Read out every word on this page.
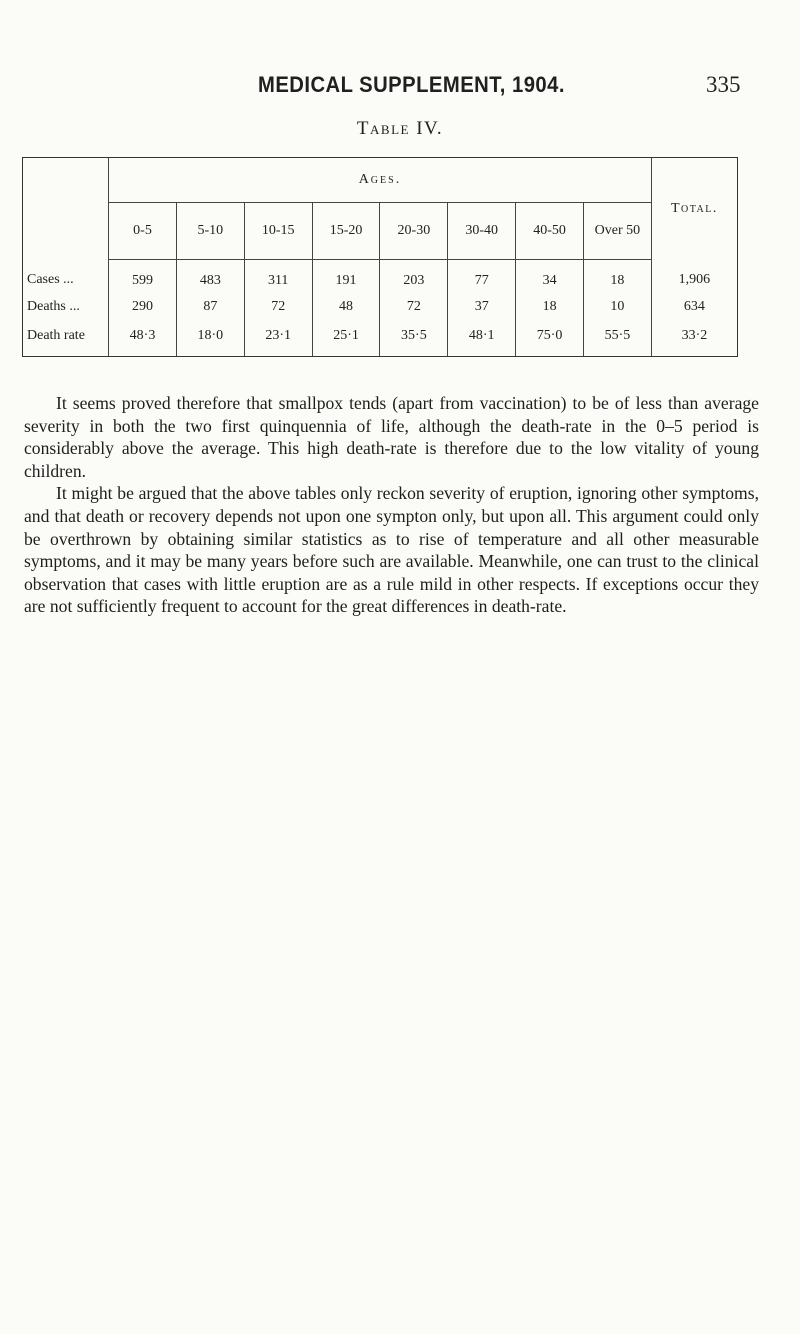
MEDICAL SUPPLEMENT, 1904.	335
Table IV.
	Ages.								Total.
	0-5	5-10	10-15	15-20	20-30	30-40	40-50	Over 50	
Cases ...	599	483	311	191	203	77	34	18	1,906
Deaths ...	290	87	72	48	72	37	18	10	634
Death rate	48·3	18·0	23·1	25·1	35·5	48·1	75·0	55·5	33·2

It seems proved therefore that smallpox tends (apart from vaccination) to be of less than average severity in both the two first quinquennia of life, although the death-rate in the 0–5 period is considerably above the average. This high death-rate is therefore due to the low vitality of young children.

It might be argued that the above tables only reckon severity of eruption, ignoring other symptoms, and that death or recovery depends not upon one sympton only, but upon all. This argument could only be overthrown by obtaining similar statistics as to rise of temperature and all other measurable symptoms, and it may be many years before such are available. Meanwhile, one can trust to the clinical observation that cases with little eruption are as a rule mild in other respects. If exceptions occur they are not sufficiently frequent to account for the great differences in death-rate.
